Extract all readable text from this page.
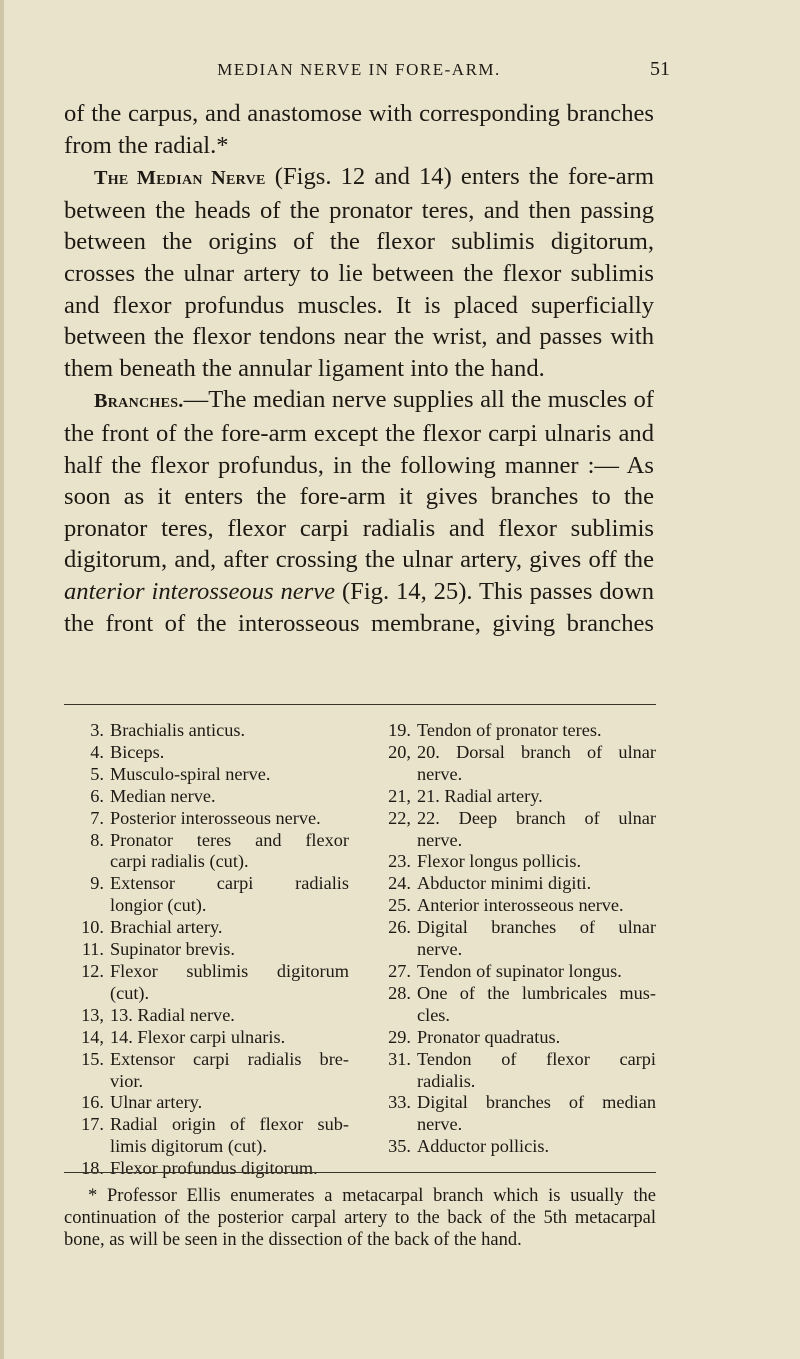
MEDIAN NERVE IN FORE-ARM.	51

of the carpus, and anastomose with corresponding branches from the radial.*

The Median Nerve (Figs. 12 and 14) enters the fore-arm between the heads of the pronator teres, and then passing between the origins of the flexor sublimis digitorum, crosses the ulnar artery to lie between the flexor sublimis and flexor profundus muscles. It is placed superficially between the flexor tendons near the wrist, and passes with them beneath the annular ligament into the hand.

Branches.—The median nerve supplies all the muscles of the front of the fore-arm except the flexor carpi ulnaris and half the flexor profundus, in the following manner :— As soon as it enters the fore-arm it gives branches to the pronator teres, flexor carpi radialis and flexor sublimis digitorum, and, after crossing the ulnar artery, gives off the anterior interosseous nerve (Fig. 14, 25). This passes down the front of the interosseous membrane, giving branches

3. Brachialis anticus.
4. Biceps.
5. Musculo-spiral nerve.
6. Median nerve.
7. Posterior interosseous nerve.
8. Pronator teres and flexor
carpi radialis (cut).
9. Extensor carpi radialis
longior (cut).
10. Brachial artery.
11. Supinator brevis.
12. Flexor sublimis digitorum
(cut).
13, 13. Radial nerve.
14, 14. Flexor carpi ulnaris.
15. Extensor carpi radialis bre-
vior.
16. Ulnar artery.
17. Radial origin of flexor sub-
limis digitorum (cut).
18. Flexor profundus digitorum.
19. Tendon of pronator teres.
20, 20. Dorsal branch of ulnar
nerve.
21, 21. Radial artery.
22, 22. Deep branch of ulnar
nerve.
23. Flexor longus pollicis.
24. Abductor minimi digiti.
25. Anterior interosseous nerve.
26. Digital branches of ulnar
nerve.
27. Tendon of supinator longus.
28. One of the lumbricales mus-
cles.
29. Pronator quadratus.
31. Tendon of flexor carpi
radialis.
33. Digital branches of median
nerve.
35. Adductor pollicis.

* Professor Ellis enumerates a metacarpal branch which is usually the continuation of the posterior carpal artery to the back of the 5th metacarpal bone, as will be seen in the dissection of the back of the hand.
